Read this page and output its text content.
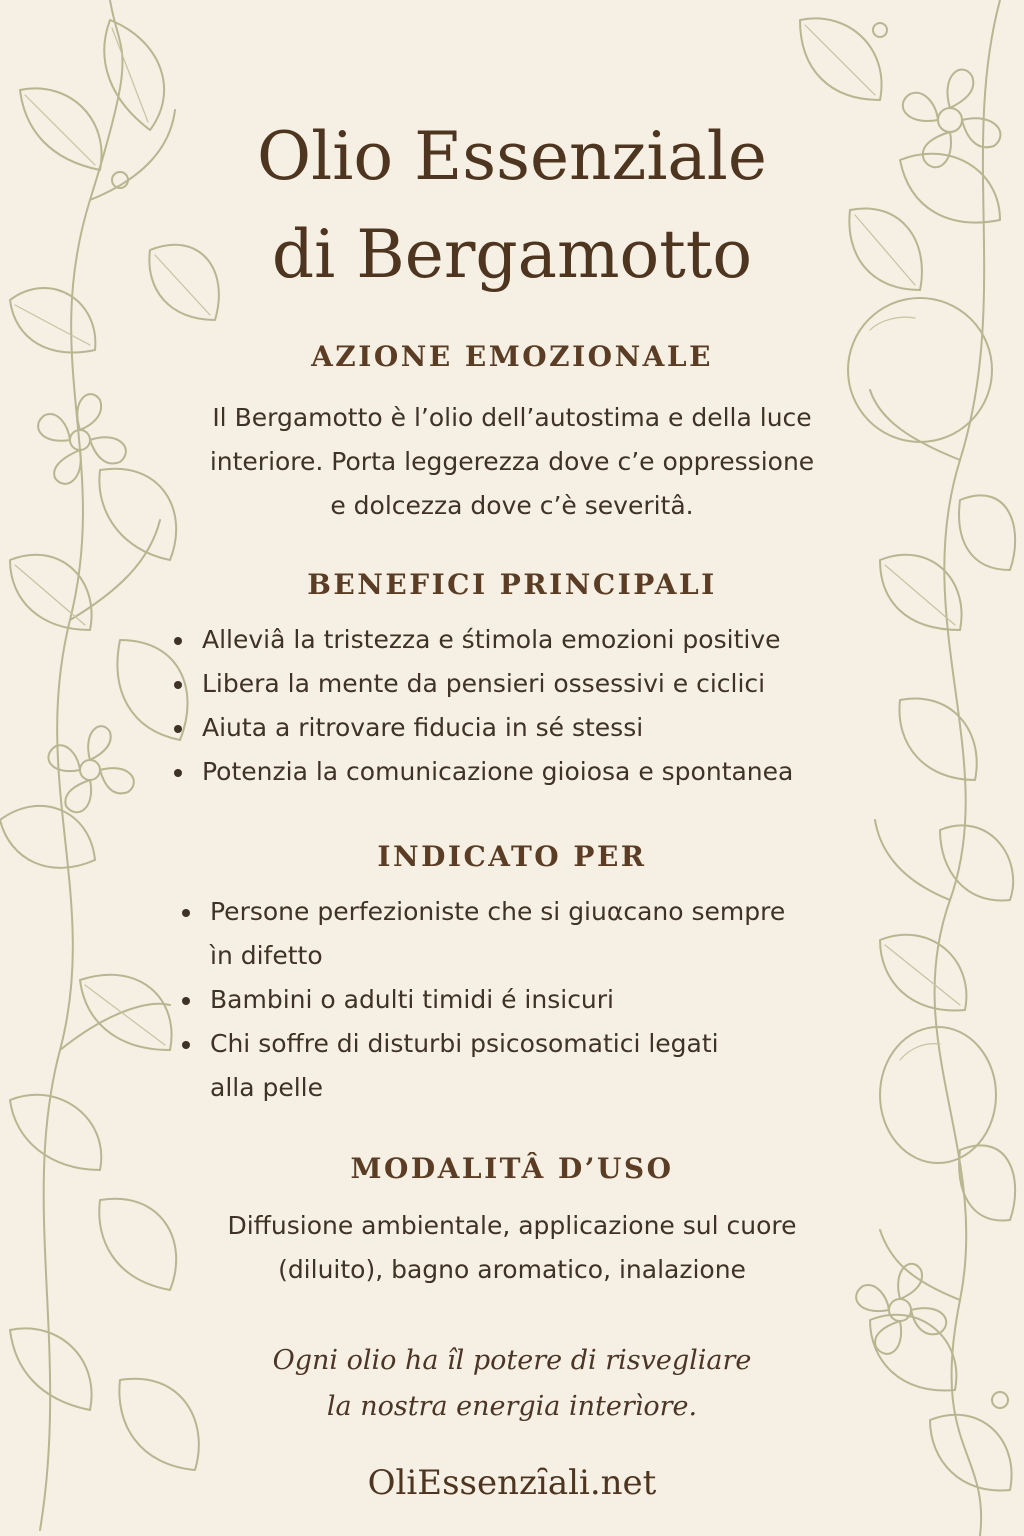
Olio Essenziale
di Bergamotto
AZIONE EMOZIONALE

Il Bergamotto è l’olio dell’autostima e della luce
interiore. Porta leggerezza dove c’e oppressione
e dolcezza dove c’è severitâ.

BENEFICI PRINCIPALI
Alleviâ la tristezza e śtimola emozioni positive
Libera la mente da pensieri ossessivi e ciclici
Aiuta a ritrovare fiducia in sé stessi
Potenzia la comunicazione gioiosa e spontanea
INDICATO PER
Persone perfezioniste che si giuαcano sempre
ìn difetto
Bambini o adulti timidi é insicuri
Chi soffre di disturbi psicosomatici legati
alla pelle
MODALITÂ D’USO

Diffusione ambientale, applicazione sul cuore
(diluito), bagno aromatico, inalazione

Ogni olio ha îl potere di risvegliare
la nostra energia interìore.

OliEssenzȋali.net
